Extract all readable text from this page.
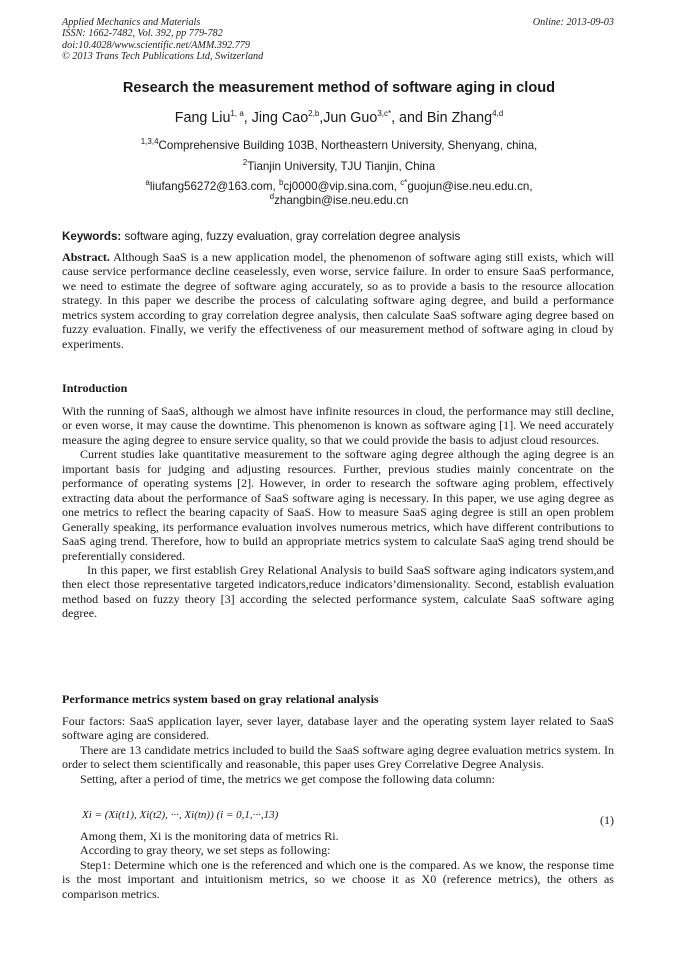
Applied Mechanics and Materials
ISSN: 1662-7482, Vol. 392, pp 779-782
doi:10.4028/www.scientific.net/AMM.392.779
© 2013 Trans Tech Publications Ltd, Switzerland
Online: 2013-09-03
Research the measurement method of software aging in cloud
Fang Liu$^{1, a}$, Jing Cao$^{2,b}$,Jun Guo$^{3,c*}$, and Bin Zhang$^{4,d}$
$^{1,3,4}$Comprehensive Building 103B, Northeastern University, Shenyang, china,
$^2$Tianjin University, TJU Tianjin, China
$^a$liufang56272@163.com, $^b$cj0000@vip.sina.com, $^{c*}$guojun@ise.neu.edu.cn,
$^d$zhangbin@ise.neu.edu.cn
Keywords: software aging, fuzzy evaluation, gray correlation degree analysis

Abstract. Although SaaS is a new application model, the phenomenon of software aging still exists, which will cause service performance decline ceaselessly, even worse, service failure. In order to ensure SaaS performance, we need to estimate the degree of software aging accurately, so as to provide a basis to the resource allocation strategy. In this paper we describe the process of calculating software aging degree, and build a performance metrics system according to gray correlation degree analysis, then calculate SaaS software aging degree based on fuzzy evaluation. Finally, we verify the effectiveness of our measurement method of software aging in cloud by experiments.

Introduction

With the running of SaaS, although we almost have infinite resources in cloud, the performance may still decline, or even worse, it may cause the downtime. This phenomenon is known as software aging [1]. We need accurately measure the aging degree to ensure service quality, so that we could provide the basis to adjust cloud resources.

Current studies lake quantitative measurement to the software aging degree although the aging degree is an important basis for judging and adjusting resources. Further, previous studies mainly concentrate on the performance of operating systems [2]. However, in order to research the software aging problem, effectively extracting data about the performance of SaaS software aging is necessary. In this paper, we use aging degree as one metrics to reflect the bearing capacity of SaaS. How to measure SaaS aging degree is still an open problem Generally speaking, its performance evaluation involves numerous metrics, which have different contributions to SaaS aging trend. Therefore, how to build an appropriate metrics system to calculate SaaS aging trend should be preferentially considered.

In this paper, we first establish Grey Relational Analysis to build SaaS software aging indicators system,and then elect those representative targeted indicators,reduce indicators’dimensionality. Second, establish evaluation method based on fuzzy theory [3] according the selected performance system, calculate SaaS software aging degree.

Performance metrics system based on gray relational analysis

Four factors: SaaS application layer, sever layer, database layer and the operating system layer related to SaaS software aging are considered.

There are 13 candidate metrics included to build the SaaS software aging degree evaluation metrics system. In order to select them scientifically and reasonable, this paper uses Grey Correlative Degree Analysis.

Setting, after a period of time, the metrics we get compose the following data column:

Xi = (Xi(t1), Xi(t2), ···, Xi(tn)) (i = 0,1,···,13)	(1)

Among them, Xi is the monitoring data of metrics Ri.

According to gray theory, we set steps as following:

Step1: Determine which one is the referenced and which one is the compared. As we know, the response time is the most important and intuitionism metrics, so we choose it as X0 (reference metrics), the others as comparison metrics.
